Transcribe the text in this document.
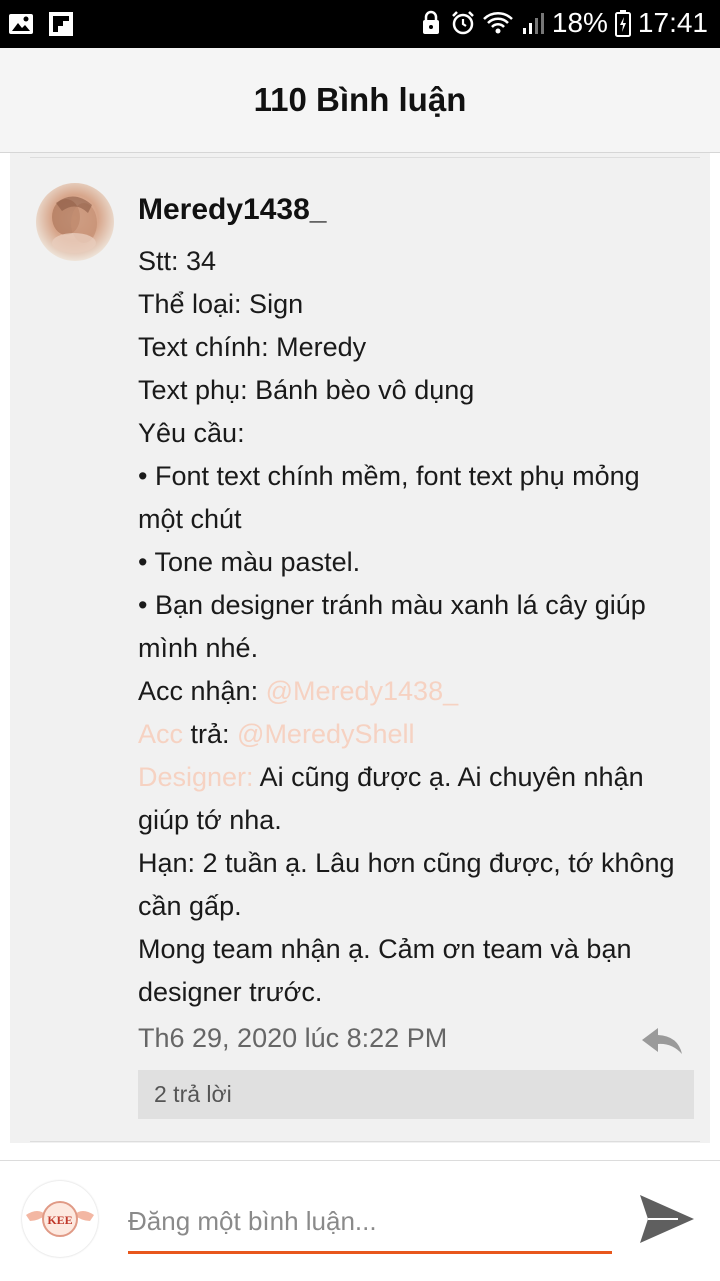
18% 17:41
110 Bình luận
Meredy1438_
Stt: 34
Thể loại: Sign
Text chính: Meredy
Text phụ: Bánh bèo vô dụng
Yêu cầu:
• Font text chính mềm, font text phụ mỏng
một chút
• Tone màu pastel.
• Bạn designer tránh màu xanh lá cây giúp
mình nhé.
Acc nhận: @Meredy1438_
Acc trả: @MeredyShell
Designer: Ai cũng được ạ. Ai chuyên nhận
giúp tớ nha.
Hạn: 2 tuần ạ. Lâu hơn cũng được, tớ không
cần gấp.
Mong team nhận ạ. Cảm ơn team và bạn
designer trước.
Th6 29, 2020 lúc 8:22 PM
2 trả lời
KEE
Đăng một bình luận...
